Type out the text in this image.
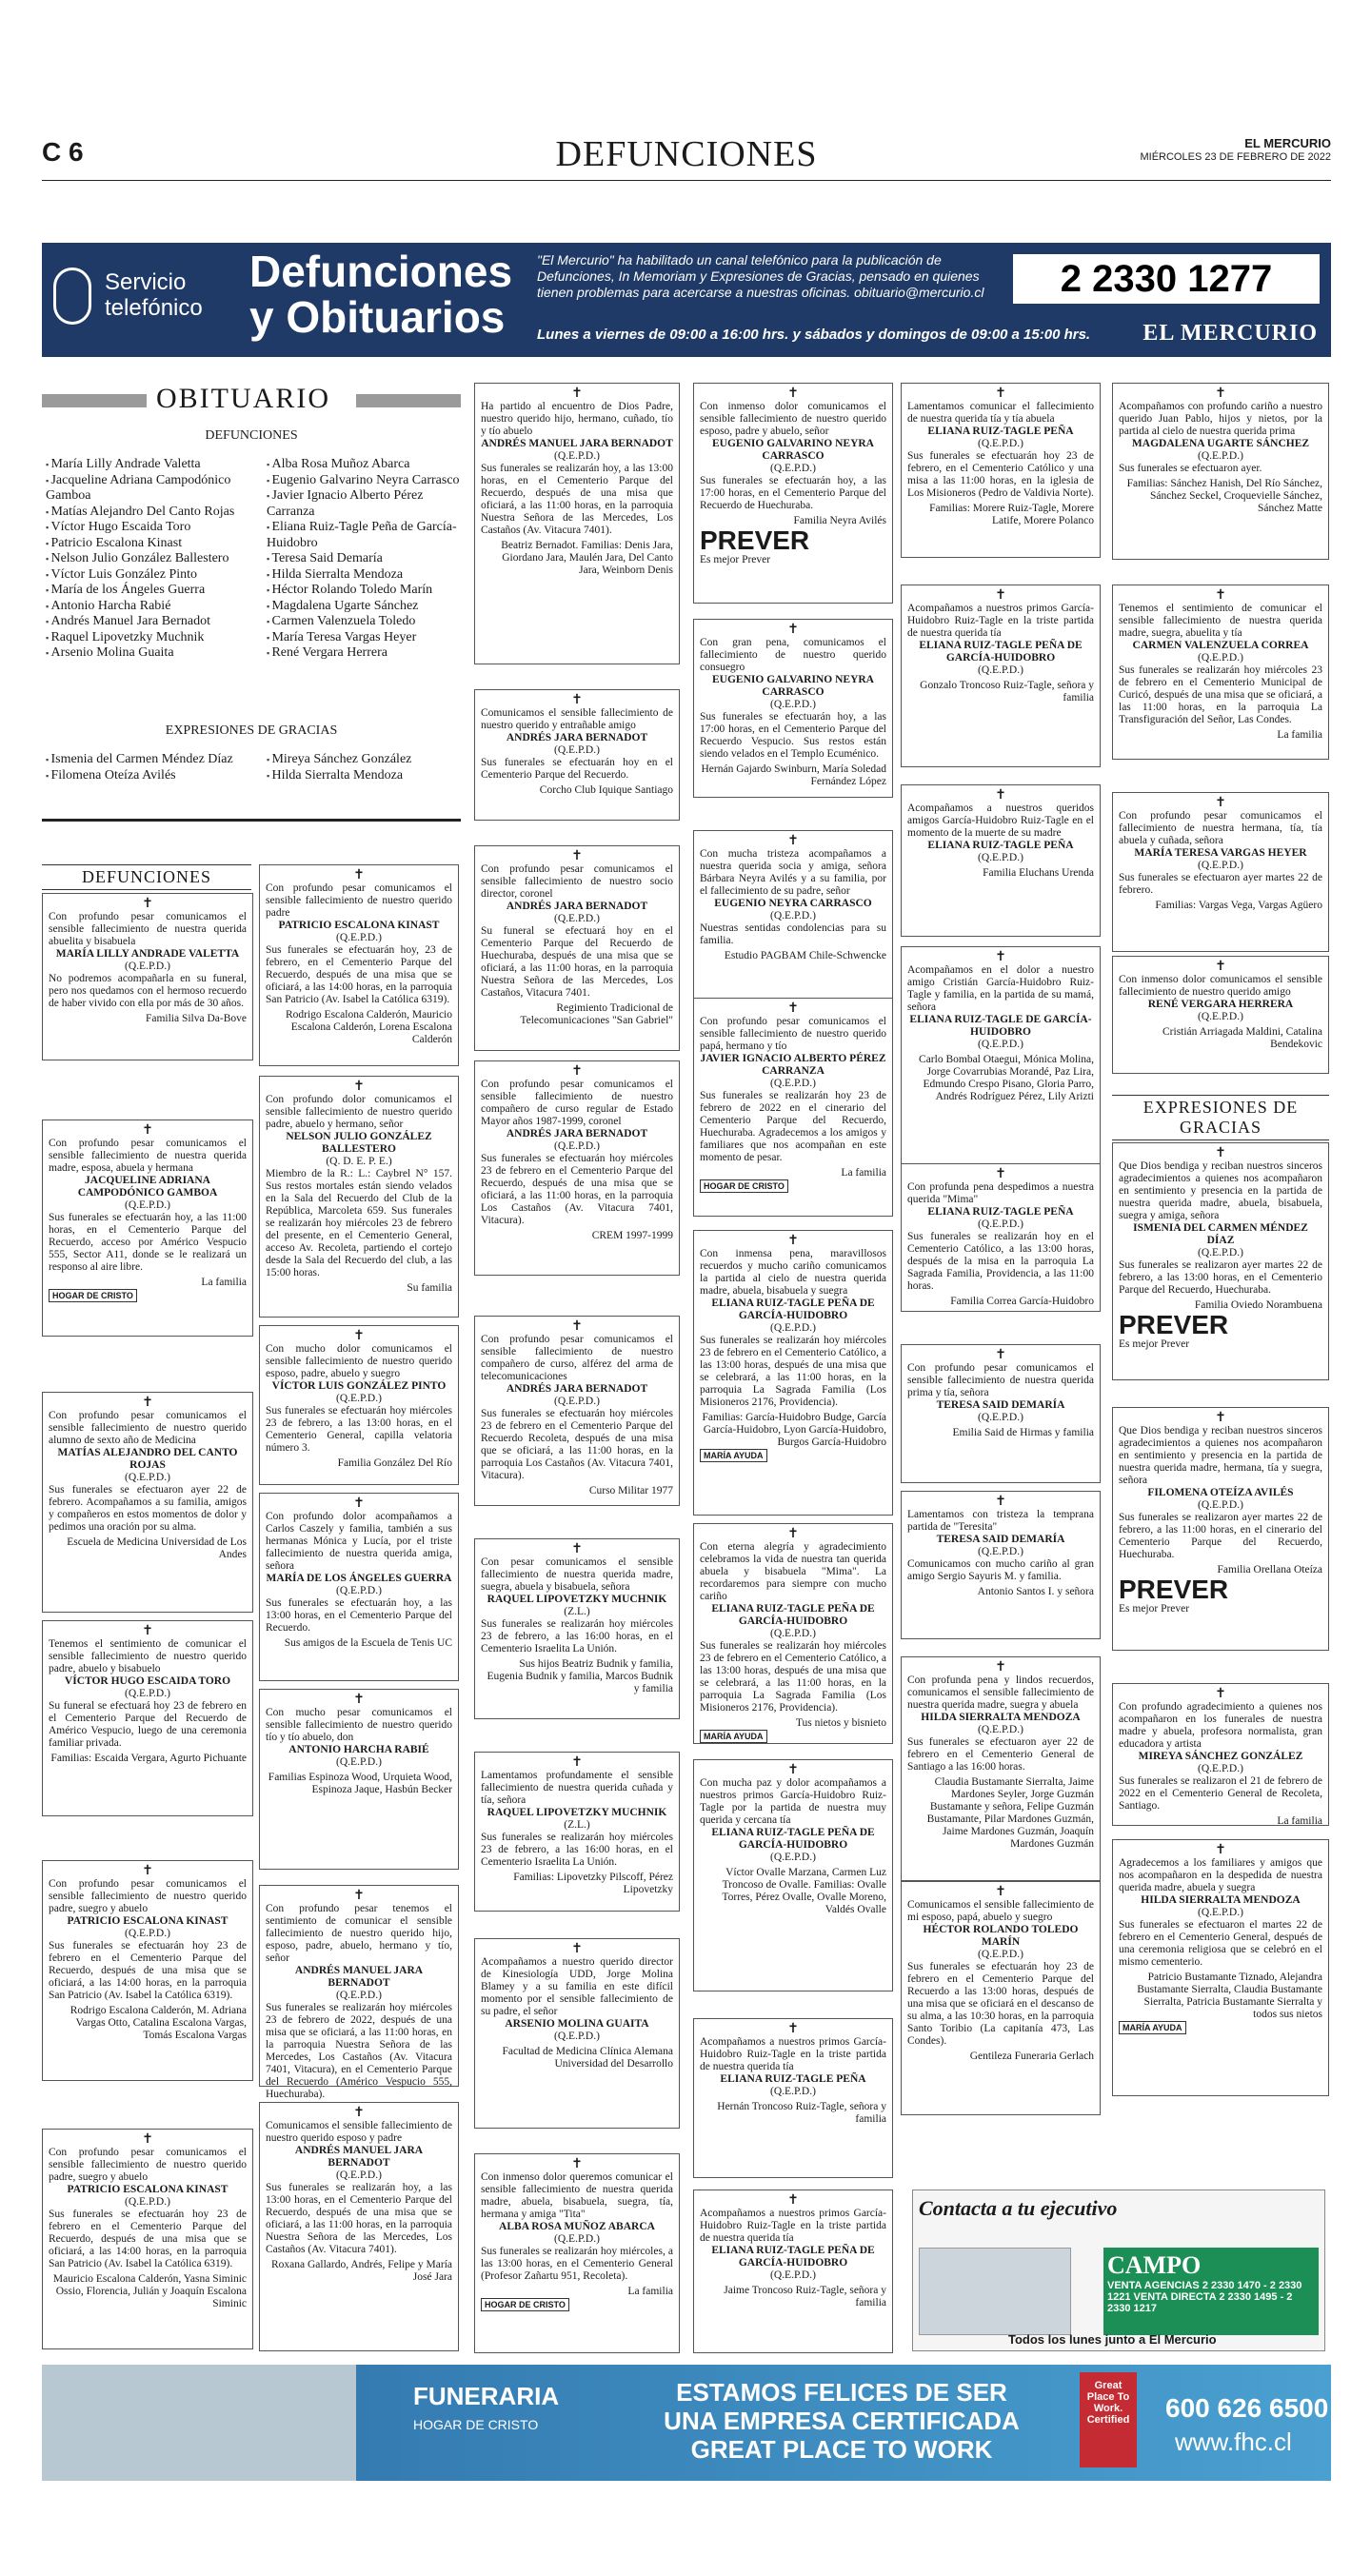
C 6	DEFUNCIONES	EL MERCURIO
MIÉRCOLES 23 DE FEBRERO DE 2022
Servicio telefónico
Defunciones
y Obituarios
"El Mercurio" ha habilitado un canal telefónico para la publicación de Defunciones, In Memoriam y Expresiones de Gracias, pensado en quienes tienen problemas para acercarse a nuestras oficinas. obituario@mercurio.cl
Lunes a viernes de 09:00 a 16:00 hrs. y sábados y domingos de 09:00 a 15:00 hrs.
2 2330 1277
EL MERCURIO
OBITUARIO
DEFUNCIONES
▪ María Lilly Andrade Valetta
▪ Jacqueline Adriana Campodónico Gamboa
▪ Matías Alejandro Del Canto Rojas
▪ Víctor Hugo Escaida Toro
▪ Patricio Escalona Kinast
▪ Nelson Julio González Ballestero
▪ Víctor Luis González Pinto
▪ María de los Ángeles Guerra
▪ Antonio Harcha Rabié
▪ Andrés Manuel Jara Bernadot
▪ Raquel Lipovetzky Muchnik
▪ Arsenio Molina Guaita
▪ Alba Rosa Muñoz Abarca
▪ Eugenio Galvarino Neyra Carrasco
▪ Javier Ignacio Alberto Pérez Carranza
▪ Eliana Ruiz-Tagle Peña de García-Huidobro
▪ Teresa Said Demaría
▪ Hilda Sierralta Mendoza
▪ Héctor Rolando Toledo Marín
▪ Magdalena Ugarte Sánchez
▪ Carmen Valenzuela Toledo
▪ María Teresa Vargas Heyer
▪ René Vergara Herrera
EXPRESIONES DE GRACIAS
▪ Ismenia del Carmen Méndez Díaz
▪ Filomena Oteíza Avilés
▪ Mireya Sánchez González
▪ Hilda Sierralta Mendoza
DEFUNCIONES
EXPRESIONES DE GRACIAS
✝

Con profundo pesar comunicamos el sensible fallecimiento de nuestra querida abuelita y bisabuela

MARÍA LILLY ANDRADE VALETTA
(Q.E.P.D.)

No podremos acompañarla en su funeral, pero nos quedamos con el hermoso recuerdo de haber vivido con ella por más de 30 años.

Familia Silva Da-Bove
✝

Con profundo pesar comunicamos el sensible fallecimiento de nuestra querida madre, esposa, abuela y hermana

JACQUELINE ADRIANA CAMPODÓNICO GAMBOA
(Q.E.P.D.)

Sus funerales se efectuarán hoy, a las 11:00 horas, en el Cementerio Parque del Recuerdo, acceso por Américo Vespucio 555, Sector A11, donde se le realizará un responso al aire libre.

La familia
HOGAR DE CRISTO
✝

Con profundo pesar comunicamos el sensible fallecimiento de nuestro querido alumno de sexto año de Medicina

MATÍAS ALEJANDRO DEL CANTO ROJAS
(Q.E.P.D.)

Sus funerales se efectuaron ayer 22 de febrero. Acompañamos a su familia, amigos y compañeros en estos momentos de dolor y pedimos una oración por su alma.

Escuela de Medicina Universidad de Los Andes
✝

Tenemos el sentimiento de comunicar el sensible fallecimiento de nuestro querido padre, abuelo y bisabuelo

VÍCTOR HUGO ESCAIDA TORO
(Q.E.P.D.)

Su funeral se efectuará hoy 23 de febrero en el Cementerio Parque del Recuerdo de Américo Vespucio, luego de una ceremonia familiar privada.

Familias: Escaida Vergara, Agurto Pichuante
✝

Con profundo pesar comunicamos el sensible fallecimiento de nuestro querido padre, suegro y abuelo

PATRICIO ESCALONA KINAST
(Q.E.P.D.)

Sus funerales se efectuarán hoy 23 de febrero en el Cementerio Parque del Recuerdo, después de una misa que se oficiará, a las 14:00 horas, en la parroquia San Patricio (Av. Isabel la Católica 6319).

Rodrigo Escalona Calderón, M. Adriana Vargas Otto, Catalina Escalona Vargas, Tomás Escalona Vargas
✝

Con profundo pesar comunicamos el sensible fallecimiento de nuestro querido padre, suegro y abuelo

PATRICIO ESCALONA KINAST
(Q.E.P.D.)

Sus funerales se efectuarán hoy 23 de febrero en el Cementerio Parque del Recuerdo, después de una misa que se oficiará, a las 14:00 horas, en la parroquia San Patricio (Av. Isabel la Católica 6319).

Mauricio Escalona Calderón, Yasna Siminic Ossio, Florencia, Julián y Joaquín Escalona Siminic
✝

Con profundo pesar comunicamos el sensible fallecimiento de nuestro querido padre

PATRICIO ESCALONA KINAST
(Q.E.P.D.)

Sus funerales se efectuarán hoy, 23 de febrero, en el Cementerio Parque del Recuerdo, después de una misa que se oficiará, a las 14:00 horas, en la parroquia San Patricio (Av. Isabel la Católica 6319).

Rodrigo Escalona Calderón, Mauricio Escalona Calderón, Lorena Escalona Calderón
✝

Con profundo dolor comunicamos el sensible fallecimiento de nuestro querido padre, abuelo y hermano, señor

NELSON JULIO GONZÁLEZ BALLESTERO
(Q. D. E. P. E.)

Miembro de la R.: L.: Caybrel N° 157. Sus restos mortales están siendo velados en la Sala del Recuerdo del Club de la República, Marcoleta 659. Sus funerales se realizarán hoy miércoles 23 de febrero del presente, en el Cementerio General, acceso Av. Recoleta, partiendo el cortejo desde la Sala del Recuerdo del club, a las 15:00 horas.

Su familia
✝

Con mucho dolor comunicamos el sensible fallecimiento de nuestro querido esposo, padre, abuelo y suegro

VÍCTOR LUIS GONZÁLEZ PINTO
(Q.E.P.D.)

Sus funerales se efectuarán hoy miércoles 23 de febrero, a las 13:00 horas, en el Cementerio General, capilla velatoria número 3.

Familia González Del Río
✝

Con profundo dolor acompañamos a Carlos Caszely y familia, también a sus hermanas Mónica y Lucía, por el triste fallecimiento de nuestra querida amiga, señora

MARÍA DE LOS ÁNGELES GUERRA
(Q.E.P.D.)

Sus funerales se efectuarán hoy, a las 13:00 horas, en el Cementerio Parque del Recuerdo.

Sus amigos de la Escuela de Tenis UC
✝

Con mucho pesar comunicamos el sensible fallecimiento de nuestro querido tío y tío abuelo, don

ANTONIO HARCHA RABIÉ
(Q.E.P.D.)
Familias Espinoza Wood, Urquieta Wood, Espinoza Jaque, Hasbún Becker
✝

Con profundo pesar tenemos el sentimiento de comunicar el sensible fallecimiento de nuestro querido hijo, esposo, padre, abuelo, hermano y tío, señor

ANDRÉS MANUEL JARA BERNADOT
(Q.E.P.D.)

Sus funerales se realizarán hoy miércoles 23 de febrero de 2022, después de una misa que se oficiará, a las 11:00 horas, en la parroquia Nuestra Señora de las Mercedes, Los Castaños (Av. Vitacura 7401, Vitacura), en el Cementerio Parque del Recuerdo (Américo Vespucio 555, Huechuraba).

✝

Comunicamos el sensible fallecimiento de nuestro querido esposo y padre

ANDRÉS MANUEL JARA BERNADOT
(Q.E.P.D.)

Sus funerales se realizarán hoy, a las 13:00 horas, en el Cementerio Parque del Recuerdo, después de una misa que se oficiará, a las 11:00 horas, en la parroquia Nuestra Señora de las Mercedes, Los Castaños (Av. Vitacura 7401).

Roxana Gallardo, Andrés, Felipe y María José Jara
✝

Ha partido al encuentro de Dios Padre, nuestro querido hijo, hermano, cuñado, tío y tío abuelo

ANDRÉS MANUEL JARA BERNADOT
(Q.E.P.D.)

Sus funerales se realizarán hoy, a las 13:00 horas, en el Cementerio Parque del Recuerdo, después de una misa que oficiará, a las 11:00 horas, en la parroquia Nuestra Señora de las Mercedes, Los Castaños (Av. Vitacura 7401).

Beatriz Bernadot. Familias: Denis Jara, Giordano Jara, Maulén Jara, Del Canto Jara, Weinborn Denis
✝

Comunicamos el sensible fallecimiento de nuestro querido y entrañable amigo

ANDRÉS JARA BERNADOT
(Q.E.P.D.)

Sus funerales se efectuarán hoy en el Cementerio Parque del Recuerdo.

Corcho Club Iquique Santiago
✝

Con profundo pesar comunicamos el sensible fallecimiento de nuestro socio director, coronel

ANDRÉS JARA BERNADOT
(Q.E.P.D.)

Su funeral se efectuará hoy en el Cementerio Parque del Recuerdo de Huechuraba, después de una misa que se oficiará, a las 11:00 horas, en la parroquia Nuestra Señora de las Mercedes, Los Castaños, Vitacura 7401.

Regimiento Tradicional de Telecomunicaciones "San Gabriel"
✝

Con profundo pesar comunicamos el sensible fallecimiento de nuestro compañero de curso regular de Estado Mayor años 1987-1999, coronel

ANDRÉS JARA BERNADOT
(Q.E.P.D.)

Sus funerales se efectuarán hoy miércoles 23 de febrero en el Cementerio Parque del Recuerdo, después de una misa que se oficiará, a las 11:00 horas, en la parroquia Los Castaños (Av. Vitacura 7401, Vitacura).

CREM 1997-1999
✝

Con profundo pesar comunicamos el sensible fallecimiento de nuestro compañero de curso, alférez del arma de telecomunicaciones

ANDRÉS JARA BERNADOT
(Q.E.P.D.)

Sus funerales se efectuarán hoy miércoles 23 de febrero en el Cementerio Parque del Recuerdo Recoleta, después de una misa que se oficiará, a las 11:00 horas, en la parroquia Los Castaños (Av. Vitacura 7401, Vitacura).

Curso Militar 1977
✝

Con pesar comunicamos el sensible fallecimiento de nuestra querida madre, suegra, abuela y bisabuela, señora

RAQUEL LIPOVETZKY MUCHNIK
(Z.L.)

Sus funerales se realizarán hoy miércoles 23 de febrero, a las 16:00 horas, en el Cementerio Israelita La Unión.

Sus hijos Beatriz Budnik y familia, Eugenia Budnik y familia, Marcos Budnik y familia
✝

Lamentamos profundamente el sensible fallecimiento de nuestra querida cuñada y tía, señora

RAQUEL LIPOVETZKY MUCHNIK
(Z.L.)

Sus funerales se realizarán hoy miércoles 23 de febrero, a las 16:00 horas, en el Cementerio Israelita La Unión.

Familias: Lipovetzky Pilscoff, Pérez Lipovetzky
✝

Acompañamos a nuestro querido director de Kinesiología UDD, Jorge Molina Blamey y a su familia en este difícil momento por el sensible fallecimiento de su padre, el señor

ARSENIO MOLINA GUAITA
(Q.E.P.D.)
Facultad de Medicina Clínica Alemana Universidad del Desarrollo
✝

Con inmenso dolor queremos comunicar el sensible fallecimiento de nuestra querida madre, abuela, bisabuela, suegra, tía, hermana y amiga "Tita"

ALBA ROSA MUÑOZ ABARCA
(Q.E.P.D.)

Sus funerales se realizarán hoy miércoles, a las 13:00 horas, en el Cementerio General (Profesor Zañartu 951, Recoleta).

La familia
HOGAR DE CRISTO
✝

Con inmenso dolor comunicamos el sensible fallecimiento de nuestro querido esposo, padre y abuelo, señor

EUGENIO GALVARINO NEYRA CARRASCO
(Q.E.P.D.)

Sus funerales se efectuarán hoy, a las 17:00 horas, en el Cementerio Parque del Recuerdo de Huechuraba.

Familia Neyra Avilés
PREVER
Es mejor Prever
✝

Con gran pena, comunicamos el fallecimiento de nuestro querido consuegro

EUGENIO GALVARINO NEYRA CARRASCO
(Q.E.P.D.)

Sus funerales se efectuarán hoy, a las 17:00 horas, en el Cementerio Parque del Recuerdo Vespucio. Sus restos están siendo velados en el Templo Ecuménico.

Hernán Gajardo Swinburn, María Soledad Fernández López
✝

Con mucha tristeza acompañamos a nuestra querida socia y amiga, señora Bárbara Neyra Avilés y a su familia, por el fallecimiento de su padre, señor

EUGENIO NEYRA CARRASCO
(Q.E.P.D.)

Nuestras sentidas condolencias para su familia.

Estudio PAGBAM Chile-Schwencke
✝

Con profundo pesar comunicamos el sensible fallecimiento de nuestro querido papá, hermano y tío

JAVIER IGNACIO ALBERTO PÉREZ CARRANZA
(Q.E.P.D.)

Sus funerales se realizarán hoy 23 de febrero de 2022 en el cinerario del Cementerio Parque del Recuerdo, Huechuraba. Agradecemos a los amigos y familiares que nos acompañan en este momento de pesar.

La familia
HOGAR DE CRISTO
✝

Con inmensa pena, maravillosos recuerdos y mucho cariño comunicamos la partida al cielo de nuestra querida madre, abuela, bisabuela y suegra

ELIANA RUIZ-TAGLE PEÑA DE GARCÍA-HUIDOBRO
(Q.E.P.D.)

Sus funerales se realizarán hoy miércoles 23 de febrero en el Cementerio Católico, a las 13:00 horas, después de una misa que se celebrará, a las 11:00 horas, en la parroquia La Sagrada Familia (Los Misioneros 2176, Providencia).

Familias: García-Huidobro Budge, García García-Huidobro, Lyon García-Huidobro, Burgos García-Huidobro
MARÍA AYUDA
✝

Con eterna alegría y agradecimiento celebramos la vida de nuestra tan querida abuela y bisabuela "Mima". La recordaremos para siempre con mucho cariño

ELIANA RUIZ-TAGLE PEÑA DE GARCÍA-HUIDOBRO
(Q.E.P.D.)

Sus funerales se realizarán hoy miércoles 23 de febrero en el Cementerio Católico, a las 13:00 horas, después de una misa que se celebrará, a las 11:00 horas, en la parroquia La Sagrada Familia (Los Misioneros 2176, Providencia).

Tus nietos y bisnieto
MARÍA AYUDA
✝

Con mucha paz y dolor acompañamos a nuestros primos García-Huidobro Ruiz-Tagle por la partida de nuestra muy querida y cercana tía

ELIANA RUIZ-TAGLE PEÑA DE GARCÍA-HUIDOBRO
(Q.E.P.D.)
Víctor Ovalle Marzana, Carmen Luz Troncoso de Ovalle. Familias: Ovalle Torres, Pérez Ovalle, Ovalle Moreno, Valdés Ovalle
✝

Acompañamos a nuestros primos García-Huidobro Ruiz-Tagle en la triste partida de nuestra querida tía

ELIANA RUIZ-TAGLE PEÑA
(Q.E.P.D.)
Hernán Troncoso Ruiz-Tagle, señora y familia
✝

Acompañamos a nuestros primos García-Huidobro Ruiz-Tagle en la triste partida de nuestra querida tía

ELIANA RUIZ-TAGLE PEÑA DE GARCÍA-HUIDOBRO
(Q.E.P.D.)
Jaime Troncoso Ruiz-Tagle, señora y familia
✝

Lamentamos comunicar el fallecimiento de nuestra querida tía y tía abuela

ELIANA RUIZ-TAGLE PEÑA
(Q.E.P.D.)

Sus funerales se efectuarán hoy 23 de febrero, en el Cementerio Católico y una misa a las 11:00 horas, en la iglesia de Los Misioneros (Pedro de Valdivia Norte).

Familias: Morere Ruiz-Tagle, Morere Latife, Morere Polanco
✝

Acompañamos a nuestros primos García-Huidobro Ruiz-Tagle en la triste partida de nuestra querida tía

ELIANA RUIZ-TAGLE PEÑA DE GARCÍA-HUIDOBRO
(Q.E.P.D.)
Gonzalo Troncoso Ruiz-Tagle, señora y familia
✝

Acompañamos a nuestros queridos amigos García-Huidobro Ruiz-Tagle en el momento de la muerte de su madre

ELIANA RUIZ-TAGLE PEÑA
(Q.E.P.D.)
Familia Eluchans Urenda
✝

Acompañamos en el dolor a nuestro amigo Cristián García-Huidobro Ruiz-Tagle y familia, en la partida de su mamá, señora

ELIANA RUIZ-TAGLE DE GARCÍA-HUIDOBRO
(Q.E.P.D.)
Carlo Bombal Otaegui, Mónica Molina, Jorge Covarrubias Morandé, Paz Lira, Edmundo Crespo Pisano, Gloria Parro, Andrés Rodríguez Pérez, Lily Arizti
✝

Con profunda pena despedimos a nuestra querida "Mima"

ELIANA RUIZ-TAGLE PEÑA
(Q.E.P.D.)

Sus funerales se realizarán hoy en el Cementerio Católico, a las 13:00 horas, después de la misa en la parroquia La Sagrada Familia, Providencia, a las 11:00 horas.

Familia Correa García-Huidobro
✝

Con profundo pesar comunicamos el sensible fallecimiento de nuestra querida prima y tía, señora

TERESA SAID DEMARÍA
(Q.E.P.D.)
Emilia Said de Hirmas y familia
✝

Lamentamos con tristeza la temprana partida de "Teresita"

TERESA SAID DEMARÍA
(Q.E.P.D.)

Comunicamos con mucho cariño al gran amigo Sergio Sayuris M. y familia.

Antonio Santos I. y señora
✝

Con profunda pena y lindos recuerdos, comunicamos el sensible fallecimiento de nuestra querida madre, suegra y abuela

HILDA SIERRALTA MENDOZA
(Q.E.P.D.)

Sus funerales se efectuaron ayer 22 de febrero en el Cementerio General de Santiago a las 16:00 horas.

Claudia Bustamante Sierralta, Jaime Mardones Seyler, Jorge Guzmán Bustamante y señora, Felipe Guzmán Bustamante, Pilar Mardones Guzmán, Jaime Mardones Guzmán, Joaquín Mardones Guzmán
✝

Comunicamos el sensible fallecimiento de mi esposo, papá, abuelo y suegro

HÉCTOR ROLANDO TOLEDO MARÍN
(Q.E.P.D.)

Sus funerales se efectuarán hoy 23 de febrero en el Cementerio Parque del Recuerdo a las 13:00 horas, después de una misa que se oficiará en el descanso de su alma, a las 10:30 horas, en la parroquia Santo Toribio (La capitanía 473, Las Condes).

Gentileza Funeraria Gerlach
✝

Acompañamos con profundo cariño a nuestro querido Juan Pablo, hijos y nietos, por la partida al cielo de nuestra querida prima

MAGDALENA UGARTE SÁNCHEZ
(Q.E.P.D.)

Sus funerales se efectuaron ayer.

Familias: Sánchez Hanish, Del Río Sánchez, Sánchez Seckel, Croquevielle Sánchez, Sánchez Matte
✝

Tenemos el sentimiento de comunicar el sensible fallecimiento de nuestra querida madre, suegra, abuelita y tía

CARMEN VALENZUELA CORREA
(Q.E.P.D.)

Sus funerales se realizarán hoy miércoles 23 de febrero en el Cementerio Municipal de Curicó, después de una misa que se oficiará, a las 11:00 horas, en la parroquia La Transfiguración del Señor, Las Condes.

La familia
✝

Con profundo pesar comunicamos el fallecimiento de nuestra hermana, tía, tía abuela y cuñada, señora

MARÍA TERESA VARGAS HEYER
(Q.E.P.D.)

Sus funerales se efectuaron ayer martes 22 de febrero.

Familias: Vargas Vega, Vargas Agüero
✝

Con inmenso dolor comunicamos el sensible fallecimiento de nuestro querido amigo

RENÉ VERGARA HERRERA
(Q.E.P.D.)
Cristián Arriagada Maldini, Catalina Bendekovic
✝

Que Dios bendiga y reciban nuestros sinceros agradecimientos a quienes nos acompañaron en sentimiento y presencia en la partida de nuestra querida madre, abuela, bisabuela, suegra y amiga, señora

ISMENIA DEL CARMEN MÉNDEZ DÍAZ
(Q.E.P.D.)

Sus funerales se realizaron ayer martes 22 de febrero, a las 13:00 horas, en el Cementerio Parque del Recuerdo, Huechuraba.

Familia Oviedo Norambuena
PREVER
Es mejor Prever
✝

Que Dios bendiga y reciban nuestros sinceros agradecimientos a quienes nos acompañaron en sentimiento y presencia en la partida de nuestra querida madre, hermana, tía y suegra, señora

FILOMENA OTEÍZA AVILÉS
(Q.E.P.D.)

Sus funerales se realizaron ayer martes 22 de febrero, a las 11:00 horas, en el cinerario del Cementerio Parque del Recuerdo, Huechuraba.

Familia Orellana Oteíza
PREVER
Es mejor Prever
✝

Con profundo agradecimiento a quienes nos acompañaron en los funerales de nuestra madre y abuela, profesora normalista, gran educadora y artista

MIREYA SÁNCHEZ GONZÁLEZ
(Q.E.P.D.)

Sus funerales se realizaron el 21 de febrero de 2022 en el Cementerio General de Recoleta, Santiago.

La familia
✝

Agradecemos a los familiares y amigos que nos acompañaron en la despedida de nuestra querida madre, abuela y suegra

HILDA SIERRALTA MENDOZA
(Q.E.P.D.)

Sus funerales se efectuaron el martes 22 de febrero en el Cementerio General, después de una ceremonia religiosa que se celebró en el mismo cementerio.

Patricio Bustamante Tiznado, Alejandra Bustamante Sierralta, Claudia Bustamante Sierralta, Patricia Bustamante Sierralta y todos sus nietos
MARÍA AYUDA
Contacta a tu ejecutivo
CAMPO
VENTA AGENCIAS 2 2330 1470 - 2 2330 1221 VENTA DIRECTA 2 2330 1495 - 2 2330 1217
Todos los lunes junto a El Mercurio
FUNERARIA
HOGAR DE CRISTO
ESTAMOS FELICES DE SER
UNA EMPRESA CERTIFICADA
GREAT PLACE TO WORK
Great Place To Work. Certified 600 626 6500
www.fhc.cl
